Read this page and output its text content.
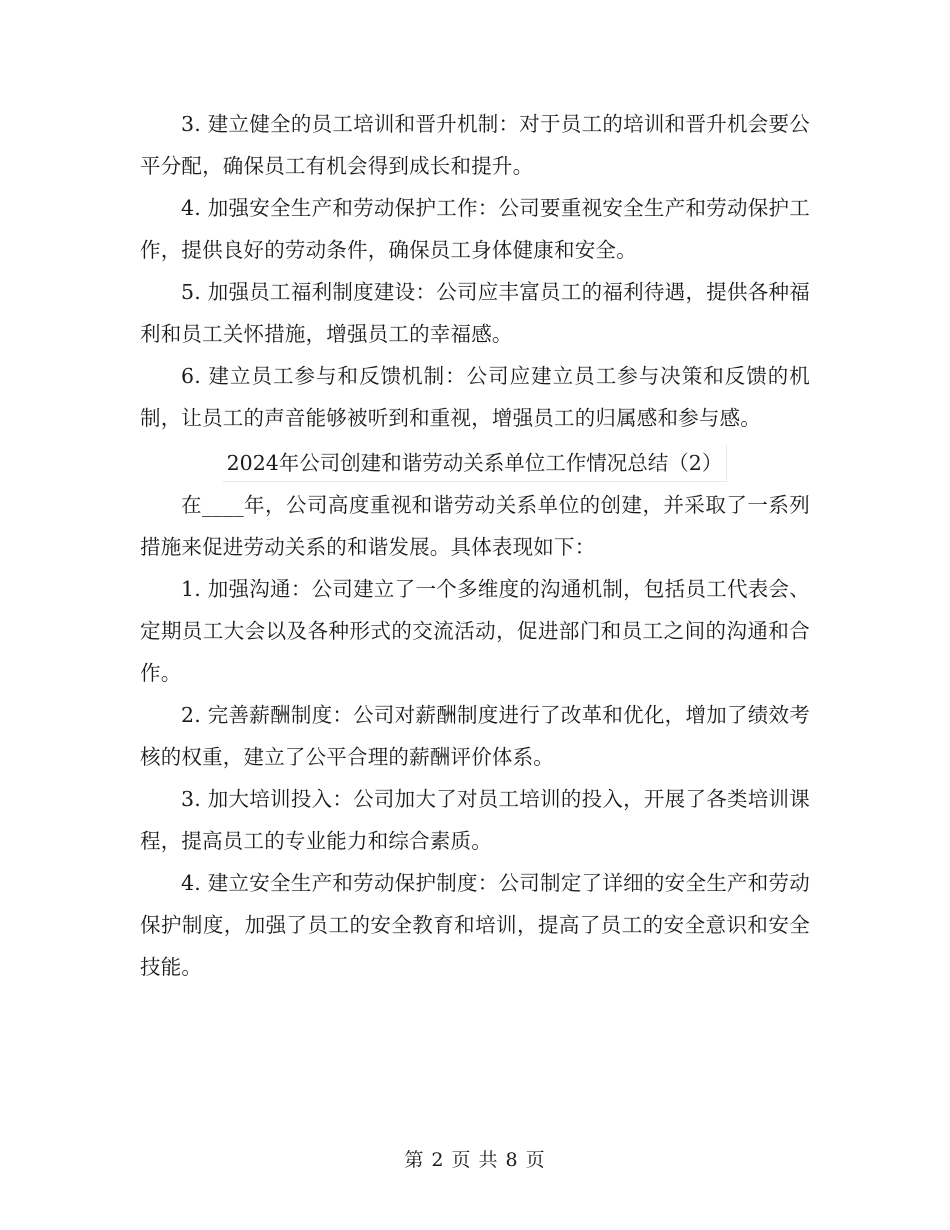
3. 建立健全的员工培训和晋升机制：对于员工的培训和晋升机会要公平分配，确保员工有机会得到成长和提升。

4. 加强安全生产和劳动保护工作：公司要重视安全生产和劳动保护工作，提供良好的劳动条件，确保员工身体健康和安全。

5. 加强员工福利制度建设：公司应丰富员工的福利待遇，提供各种福利和员工关怀措施，增强员工的幸福感。

6. 建立员工参与和反馈机制：公司应建立员工参与决策和反馈的机制，让员工的声音能够被听到和重视，增强员工的归属感和参与感。

2024年公司创建和谐劳动关系单位工作情况总结（2）

在____年，公司高度重视和谐劳动关系单位的创建，并采取了一系列措施来促进劳动关系的和谐发展。具体表现如下：

1. 加强沟通：公司建立了一个多维度的沟通机制，包括员工代表会、定期员工大会以及各种形式的交流活动，促进部门和员工之间的沟通和合作。

2. 完善薪酬制度：公司对薪酬制度进行了改革和优化，增加了绩效考核的权重，建立了公平合理的薪酬评价体系。

3. 加大培训投入：公司加大了对员工培训的投入，开展了各类培训课程，提高员工的专业能力和综合素质。

4. 建立安全生产和劳动保护制度：公司制定了详细的安全生产和劳动保护制度，加强了员工的安全教育和培训，提高了员工的安全意识和安全技能。

第 2 页 共 8 页
